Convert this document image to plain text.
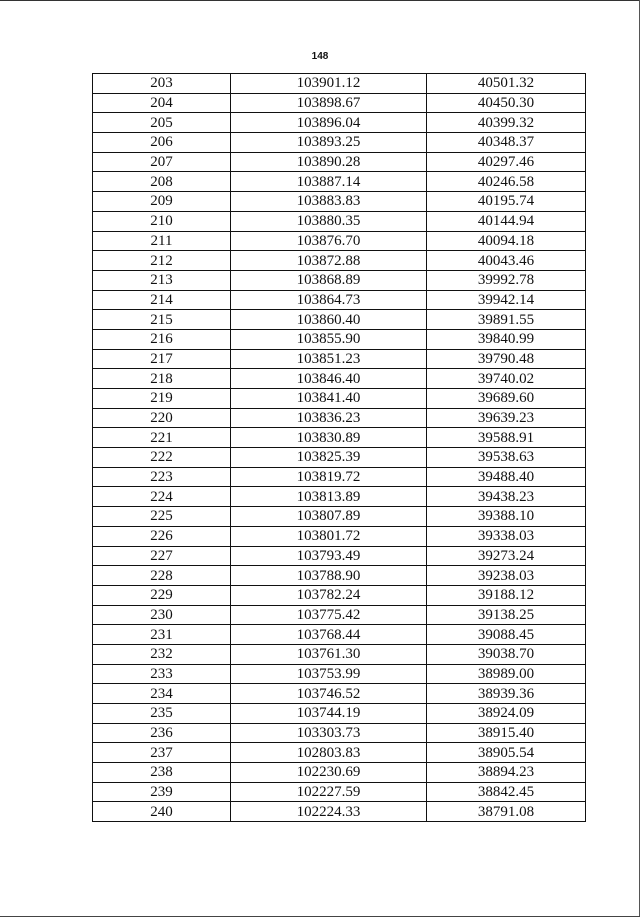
148
203	103901.12	40501.32
204	103898.67	40450.30
205	103896.04	40399.32
206	103893.25	40348.37
207	103890.28	40297.46
208	103887.14	40246.58
209	103883.83	40195.74
210	103880.35	40144.94
211	103876.70	40094.18
212	103872.88	40043.46
213	103868.89	39992.78
214	103864.73	39942.14
215	103860.40	39891.55
216	103855.90	39840.99
217	103851.23	39790.48
218	103846.40	39740.02
219	103841.40	39689.60
220	103836.23	39639.23
221	103830.89	39588.91
222	103825.39	39538.63
223	103819.72	39488.40
224	103813.89	39438.23
225	103807.89	39388.10
226	103801.72	39338.03
227	103793.49	39273.24
228	103788.90	39238.03
229	103782.24	39188.12
230	103775.42	39138.25
231	103768.44	39088.45
232	103761.30	39038.70
233	103753.99	38989.00
234	103746.52	38939.36
235	103744.19	38924.09
236	103303.73	38915.40
237	102803.83	38905.54
238	102230.69	38894.23
239	102227.59	38842.45
240	102224.33	38791.08
